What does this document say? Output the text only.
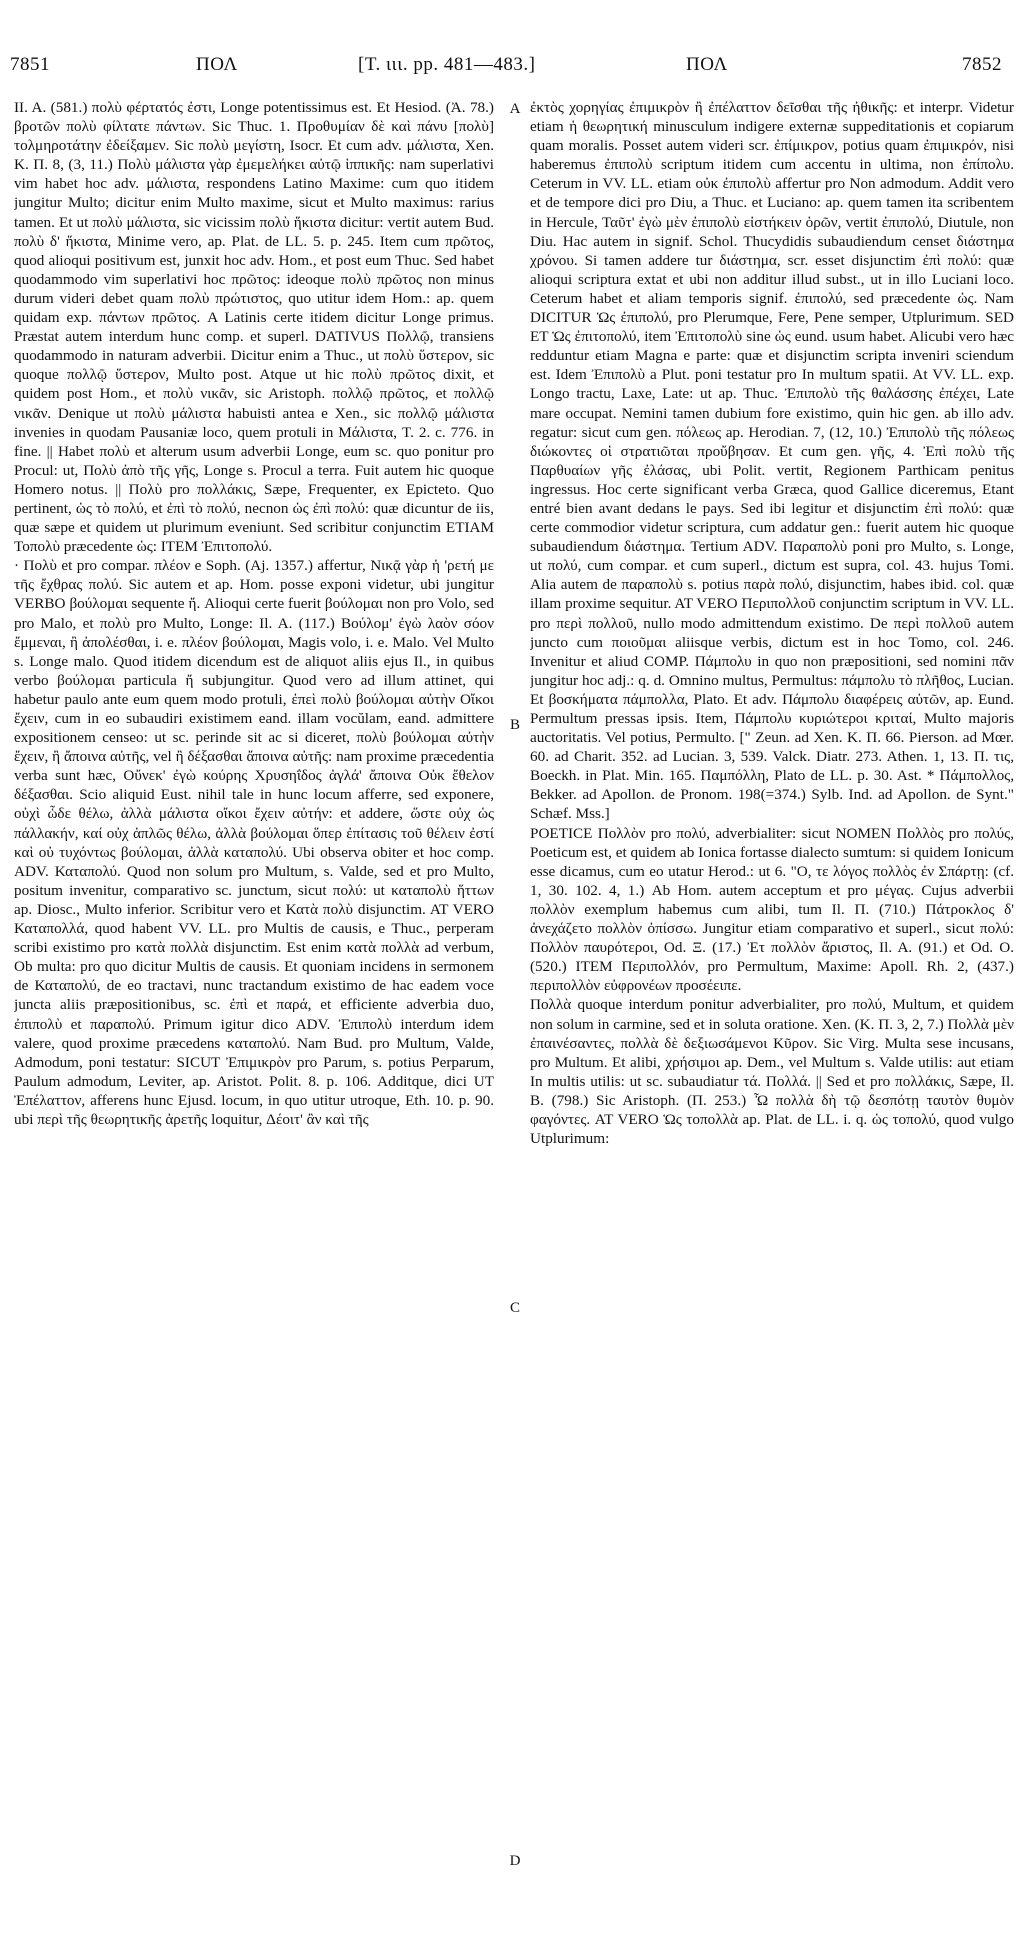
7851	ΠΟΛ	[Τ. ιιι. pp. 481—483.]	ΠΟΛ	7852
A
B
C
D

II. A. (581.) πολὺ φέρτατός ἐστι, Longe potentissimus est. Et Hesiod. (Ἀ. 78.) βροτῶν πολὺ φίλτατε πάντων. Sic Thuc. 1. Προθυμίαν δὲ καὶ πάνυ [πολὺ] τολμηροτάτην ἐδείξαμεν. Sic πολὺ μεγίστη, Isocr. Et cum adv. μάλιστα, Xen. K. Π. 8, (3, 11.) Πολὺ μάλιστα γὰρ ἐμεμελήκει αὐτῷ ἱππικῆς: nam superlativi vim habet hoc adv. μάλιστα, respondens Latino Maxime: cum quo itidem jungitur Multo; dicitur enim Multo maxime, sicut et Multo maximus: rarius tamen. Et ut πολὺ μάλιστα, sic vicissim πολὺ ἥκιστα dicitur: vertit autem Bud. πολὺ δ' ἥκιστα, Minime vero, ap. Plat. de LL. 5. p. 245. Item cum πρῶτος, quod alioqui positivum est, junxit hoc adv. Hom., et post eum Thuc. Sed habet quodammodo vim superlativi hoc πρῶτος: ideoque πολὺ πρῶτος non minus durum videri debet quam πολὺ πρώτιστος, quo utitur idem Hom.: ap. quem quidam exp. πάντων πρῶτος. A Latinis certe itidem dicitur Longe primus. Præstat autem interdum hunc comp. et superl. DATIVUS Πολλῷ, transiens quodammodo in naturam adverbii. Dicitur enim a Thuc., ut πολὺ ὕστερον, sic quoque πολλῷ ὕστερον, Multo post. Atque ut hic πολὺ πρῶτος dixit, et quidem post Hom., et πολὺ νικᾶν, sic Aristoph. πολλῷ πρῶτος, et πολλῷ νικᾶν. Denique ut πολὺ μάλιστα habuisti antea e Xen., sic πολλῷ μάλιστα invenies in quodam Pausaniæ loco, quem protuli in Μάλιστα, T. 2. c. 776. in fine. || Habet πολὺ et alterum usum adverbii Longe, eum sc. quo ponitur pro Procul: ut, Πολὺ ἀπὸ τῆς γῆς, Longe s. Procul a terra. Fuit autem hic quoque Homero notus. || Πολὺ pro πολλάκις, Sæpe, Frequenter, ex Epicteto. Quo pertinent, ὡς τὸ πολύ, et ἐπὶ τὸ πολύ, necnon ὡς ἐπὶ πολύ: quæ dicuntur de iis, quæ sæpe et quidem ut plurimum eveniunt. Sed scribitur conjunctim ETIAM Τοπολὺ præcedente ὡς: ITEM Ἐπιτοπολύ.

· Πολὺ et pro compar. πλέον e Soph. (Aj. 1357.) affertur, Νικᾷ γὰρ ἡ 'ρετή με τῆς ἔχθρας πολύ. Sic autem et ap. Hom. posse exponi videtur, ubi jungitur VERBO βούλομαι sequente ἤ. Alioqui certe fuerit βούλομαι non pro Volo, sed pro Malo, et πολὺ pro Multo, Longe: Il. A. (117.) Βούλομ' ἐγὼ λαὸν σόον ἔμμεναι, ἢ ἀπολέσθαι, i. e. πλέον βούλομαι, Magis volo, i. e. Malo. Vel Multo s. Longe malo. Quod itidem dicendum est de aliquot aliis ejus Il., in quibus verbo βούλομαι particula ἤ subjungitur. Quod vero ad illum attinet, qui habetur paulo ante eum quem modo protuli, ἐπεὶ πολὺ βούλομαι αὐτὴν Οἴκοι ἔχειν, cum in eo subaudiri existimem eand. illam vocŭlam, eand. admittere expositionem censeo: ut sc. perinde sit ac si diceret, πολὺ βούλομαι αὐτὴν ἔχειν, ἢ ἄποινα αὐτῆς, vel ἢ δέξασθαι ἄποινα αὐτῆς: nam proxime præcedentia verba sunt hæc, Οὔνεκ' ἐγὼ κούρης Χρυσηΐδος ἀγλά' ἄποινα Οὐκ ἔθελον δέξασθαι. Scio aliquid Eust. nihil tale in hunc locum afferre, sed exponere, οὐχὶ ὧδε θέλω, ἀλλὰ μάλιστα οἴκοι ἔχειν αὐτήν: et addere, ὥστε οὐχ ὡς πάλλακήν, καί οὐχ ἁπλῶς θέλω, ἀλλὰ βούλομαι ὅπερ ἐπίτασις τοῦ θέλειν ἐστί καὶ οὐ τυχόντως βούλομαι, ἀλλὰ καταπολύ. Ubi observa obiter et hoc comp. ADV. Καταπολύ. Quod non solum pro Multum, s. Valde, sed et pro Multo, positum invenitur, comparativo sc. junctum, sicut πολύ: ut καταπολὺ ἥττων ap. Diosc., Multo inferior. Scribitur vero et Κατὰ πολὺ disjunctim. AT VERO Καταπολλά, quod habent VV. LL. pro Multis de causis, e Thuc., perperam scribi existimo pro κατὰ πολλὰ disjunctim. Est enim κατὰ πολλὰ ad verbum, Ob multa: pro quo dicitur Multis de causis. Et quoniam incidens in sermonem de Καταπολύ, de eo tractavi, nunc tractandum existimo de hac eadem voce juncta aliis præpositionibus, sc. ἐπὶ et παρά, et efficiente adverbia duo, ἐπιπολὺ et παραπολύ. Primum igitur dico ADV. Ἐπιπολὺ interdum idem valere, quod proxime præcedens καταπολύ. Nam Bud. pro Multum, Valde, Admodum, poni testatur: SICUT Ἐπιμικρὸν pro Parum, s. potius Perparum, Paulum admodum, Leviter, ap. Aristot. Polit. 8. p. 106. Additque, dici UT Ἐπέλαττον, afferens hunc Ejusd. locum, in quo utitur utroque, Eth. 10. p. 90. ubi περὶ τῆς θεωρητικῆς ἀρετῆς loquitur, Δέοιτ' ἂν καὶ τῆς

ἐκτὸς χορηγίας ἐπιμικρὸν ἢ ἐπέλαττον δεῖσθαι τῆς ἠθικῆς: et interpr. Videtur etiam ἡ θεωρητική minusculum indigere externæ suppeditationis et copiarum quam moralis. Posset autem videri scr. ἐπίμικρον, potius quam ἐπιμικρόν, nisi haberemus ἐπιπολὺ scriptum itidem cum accentu in ultima, non ἐπίπολυ. Ceterum in VV. LL. etiam οὐκ ἐπιπολὺ affertur pro Non admodum. Addit vero et de tempore dici pro Diu, a Thuc. et Luciano: ap. quem tamen ita scribentem in Hercule, Ταῦτ' ἐγὼ μὲν ἐπιπολὺ εἰστήκειν ὁρῶν, vertit ἐπιπολύ, Diutule, non Diu. Hac autem in signif. Schol. Thucydidis subaudiendum censet διάστημα χρόνου. Si tamen addere tur διάστημα, scr. esset disjunctim ἐπὶ πολύ: quæ alioqui scriptura extat et ubi non additur illud subst., ut in illo Luciani loco. Ceterum habet et aliam temporis signif. ἐπιπολύ, sed præcedente ὡς. Nam DICITUR Ὡς ἐπιπολύ, pro Plerumque, Fere, Pene semper, Utplurimum. SED ET Ὡς ἐπιτοπολύ, item Ἐπιτοπολὺ sine ὡς eund. usum habet. Alicubi vero hæc redduntur etiam Magna e parte: quæ et disjunctim scripta inveniri sciendum est. Idem Ἐπιπολὺ a Plut. poni testatur pro In multum spatii. At VV. LL. exp. Longo tractu, Laxe, Late: ut ap. Thuc. Ἐπιπολὺ τῆς θαλάσσης ἐπέχει, Late mare occupat. Nemini tamen dubium fore existimo, quin hic gen. ab illo adv. regatur: sicut cum gen. πόλεως ap. Herodian. 7, (12, 10.) Ἐπιπολὺ τῆς πόλεως διώκοντες οἱ στρατιῶται προὔβησαν. Et cum gen. γῆς, 4. Ἐπὶ πολὺ τῆς Παρθυαίων γῆς ἐλάσας, ubi Polit. vertit, Regionem Parthicam penitus ingressus. Hoc certe significant verba Græca, quod Gallice diceremus, Etant entré bien avant dedans le pays. Sed ibi legitur et disjunctim ἐπὶ πολύ: quæ certe commodior videtur scriptura, cum addatur gen.: fuerit autem hic quoque subaudiendum διάστημα. Tertium ADV. Παραπολὺ poni pro Multo, s. Longe, ut πολύ, cum compar. et cum superl., dictum est supra, col. 43. hujus Tomi. Alia autem de παραπολὺ s. potius παρὰ πολύ, disjunctim, habes ibid. col. quæ illam proxime sequitur. AT VERO Περιπολλοῦ conjunctim scriptum in VV. LL. pro περὶ πολλοῦ, nullo modo admittendum existimo. De περὶ πολλοῦ autem juncto cum ποιοῦμαι aliisque verbis, dictum est in hoc Tomo, col. 246. Invenitur et aliud COMP. Πάμπολυ in quo non præpositioni, sed nomini πᾶν jungitur hoc adj.: q. d. Omnino multus, Permultus: πάμπολυ τὸ πλῆθος, Lucian. Et βοσκήματα πάμπολλα, Plato. Et adv. Πάμπολυ διαφέρεις αὐτῶν, ap. Eund. Permultum pressas ipsis. Item, Πάμπολυ κυριώτεροι κριταί, Multo majoris auctoritatis. Vel potius, Permulto. [" Zeun. ad Xen. K. Π. 66. Pierson. ad Mœr. 60. ad Charit. 352. ad Lucian. 3, 539. Valck. Diatr. 273. Athen. 1, 13. Π. τις, Boeckh. in Plat. Min. 165. Παμπόλλη, Plato de LL. p. 30. Ast. * Πάμπολλος, Bekker. ad Apollon. de Pronom. 198(=374.) Sylb. Ind. ad Apollon. de Synt." Schæf. Mss.]

POETICE Πολλὸν pro πολύ, adverbialiter: sicut NOMEN Πολλὸς pro πολύς, Poeticum est, et quidem ab Ionica fortasse dialecto sumtum: si quidem Ionicum esse dicamus, cum eo utatur Herod.: ut 6. "Ο, τε λόγος πολλὸς ἐν Σπάρτῃ: (cf. 1, 30. 102. 4, 1.) Ab Hom. autem acceptum et pro μέγας. Cujus adverbii πολλὸν exemplum habemus cum alibi, tum Il. Π. (710.) Πάτροκλος δ' ἀνεχάζετο πολλὸν ὀπίσσω. Jungitur etiam comparativo et superl., sicut πολύ: Πολλὸν παυρότεροι, Od. Ξ. (17.) Ἐτ πολλὸν ἄριστος, Il. A. (91.) et Od. O. (520.) ITEM Περιπολλόν, pro Permultum, Maxime: Apoll. Rh. 2, (437.) περιπολλὸν εὐφρονέων προσέειπε.

Πολλὰ quoque interdum ponitur adverbialiter, pro πολύ, Multum, et quidem non solum in carmine, sed et in soluta oratione. Xen. (K. Π. 3, 2, 7.) Πολλὰ μὲν ἐπαινέσαντες, πολλὰ δὲ δεξιωσάμενοι Κῦρον. Sic Virg. Multa sese incusans, pro Multum. Et alibi, χρήσιμοι ap. Dem., vel Multum s. Valde utilis: aut etiam In multis utilis: ut sc. subaudiatur τά. Πολλά. || Sed et pro πολλάκις, Sæpe, Il. B. (798.) Sic Aristoph. (Π. 253.) Ὦ πολλὰ δὴ τῷ δεσπότῃ ταυτὸν θυμὸν φαγόντες. AT VERO Ὡς τοπολλὰ ap. Plat. de LL. i. q. ὡς τοπολύ, quod vulgo Utplurimum:
